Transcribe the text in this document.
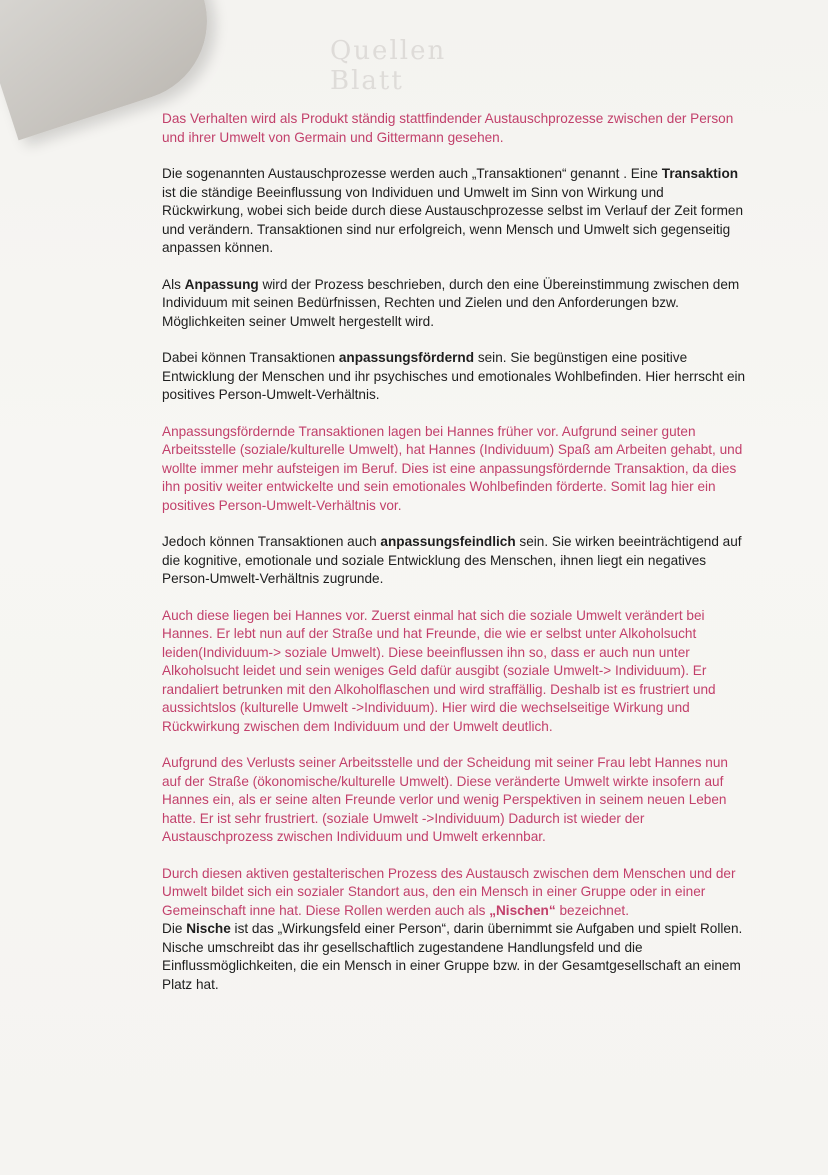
Quellen Blatt

Das Verhalten wird als Produkt ständig stattfindender Austauschprozesse zwischen der Person und ihrer Umwelt von Germain und Gittermann gesehen.

Die sogenannten Austauschprozesse werden auch „Transaktionen“ genannt . Eine Transaktion ist die ständige Beeinflussung von Individuen und Umwelt im Sinn von Wirkung und Rückwirkung, wobei sich beide durch diese Austauschprozesse selbst im Verlauf der Zeit formen und verändern. Transaktionen sind nur erfolgreich, wenn Mensch und Umwelt sich gegenseitig anpassen können.

Als Anpassung wird der Prozess beschrieben, durch den eine Übereinstimmung zwischen dem Individuum mit seinen Bedürfnissen, Rechten und Zielen und den Anforderungen bzw. Möglichkeiten seiner Umwelt hergestellt wird.

Dabei können Transaktionen anpassungsfördernd sein. Sie begünstigen eine positive Entwicklung der Menschen und ihr psychisches und emotionales Wohlbefinden. Hier herrscht ein positives Person-Umwelt-Verhältnis.

Anpassungsfördernde Transaktionen lagen bei Hannes früher vor. Aufgrund seiner guten Arbeitsstelle (soziale/kulturelle Umwelt), hat Hannes (Individuum) Spaß am Arbeiten gehabt, und wollte immer mehr aufsteigen im Beruf. Dies ist eine anpassungsfördernde Transaktion, da dies ihn positiv weiter entwickelte und sein emotionales Wohlbefinden förderte. Somit lag hier ein positives Person-Umwelt-Verhältnis vor.

Jedoch können Transaktionen auch anpassungsfeindlich sein. Sie wirken beeinträchtigend auf die kognitive, emotionale und soziale Entwicklung des Menschen, ihnen liegt ein negatives Person-Umwelt-Verhältnis zugrunde.

Auch diese liegen bei Hannes vor. Zuerst einmal hat sich die soziale Umwelt verändert bei Hannes. Er lebt nun auf der Straße und hat Freunde, die wie er selbst unter Alkoholsucht leiden(Individuum-> soziale Umwelt). Diese beeinflussen ihn so, dass er auch nun unter Alkoholsucht leidet und sein weniges Geld dafür ausgibt (soziale Umwelt-> Individuum). Er randaliert betrunken mit den Alkoholflaschen und wird straffällig. Deshalb ist es frustriert und aussichtslos (kulturelle Umwelt ->Individuum). Hier wird die wechselseitige Wirkung und Rückwirkung zwischen dem Individuum und der Umwelt deutlich.

Aufgrund des Verlusts seiner Arbeitsstelle und der Scheidung mit seiner Frau lebt Hannes nun auf der Straße (ökonomische/kulturelle Umwelt). Diese veränderte Umwelt wirkte insofern auf Hannes ein, als er seine alten Freunde verlor und wenig Perspektiven in seinem neuen Leben hatte. Er ist sehr frustriert. (soziale Umwelt ->Individuum) Dadurch ist wieder der Austauschprozess zwischen Individuum und Umwelt erkennbar.

Durch diesen aktiven gestalterischen Prozess des Austausch zwischen dem Menschen und der Umwelt bildet sich ein sozialer Standort aus, den ein Mensch in einer Gruppe oder in einer Gemeinschaft inne hat. Diese Rollen werden auch als „Nischen“ bezeichnet.

Die Nische ist das „Wirkungsfeld einer Person“, darin übernimmt sie Aufgaben und spielt Rollen. Nische umschreibt das ihr gesellschaftlich zugestandene Handlungsfeld und die Einflussmöglichkeiten, die ein Mensch in einer Gruppe bzw. in der Gesamtgesellschaft an einem Platz hat.
